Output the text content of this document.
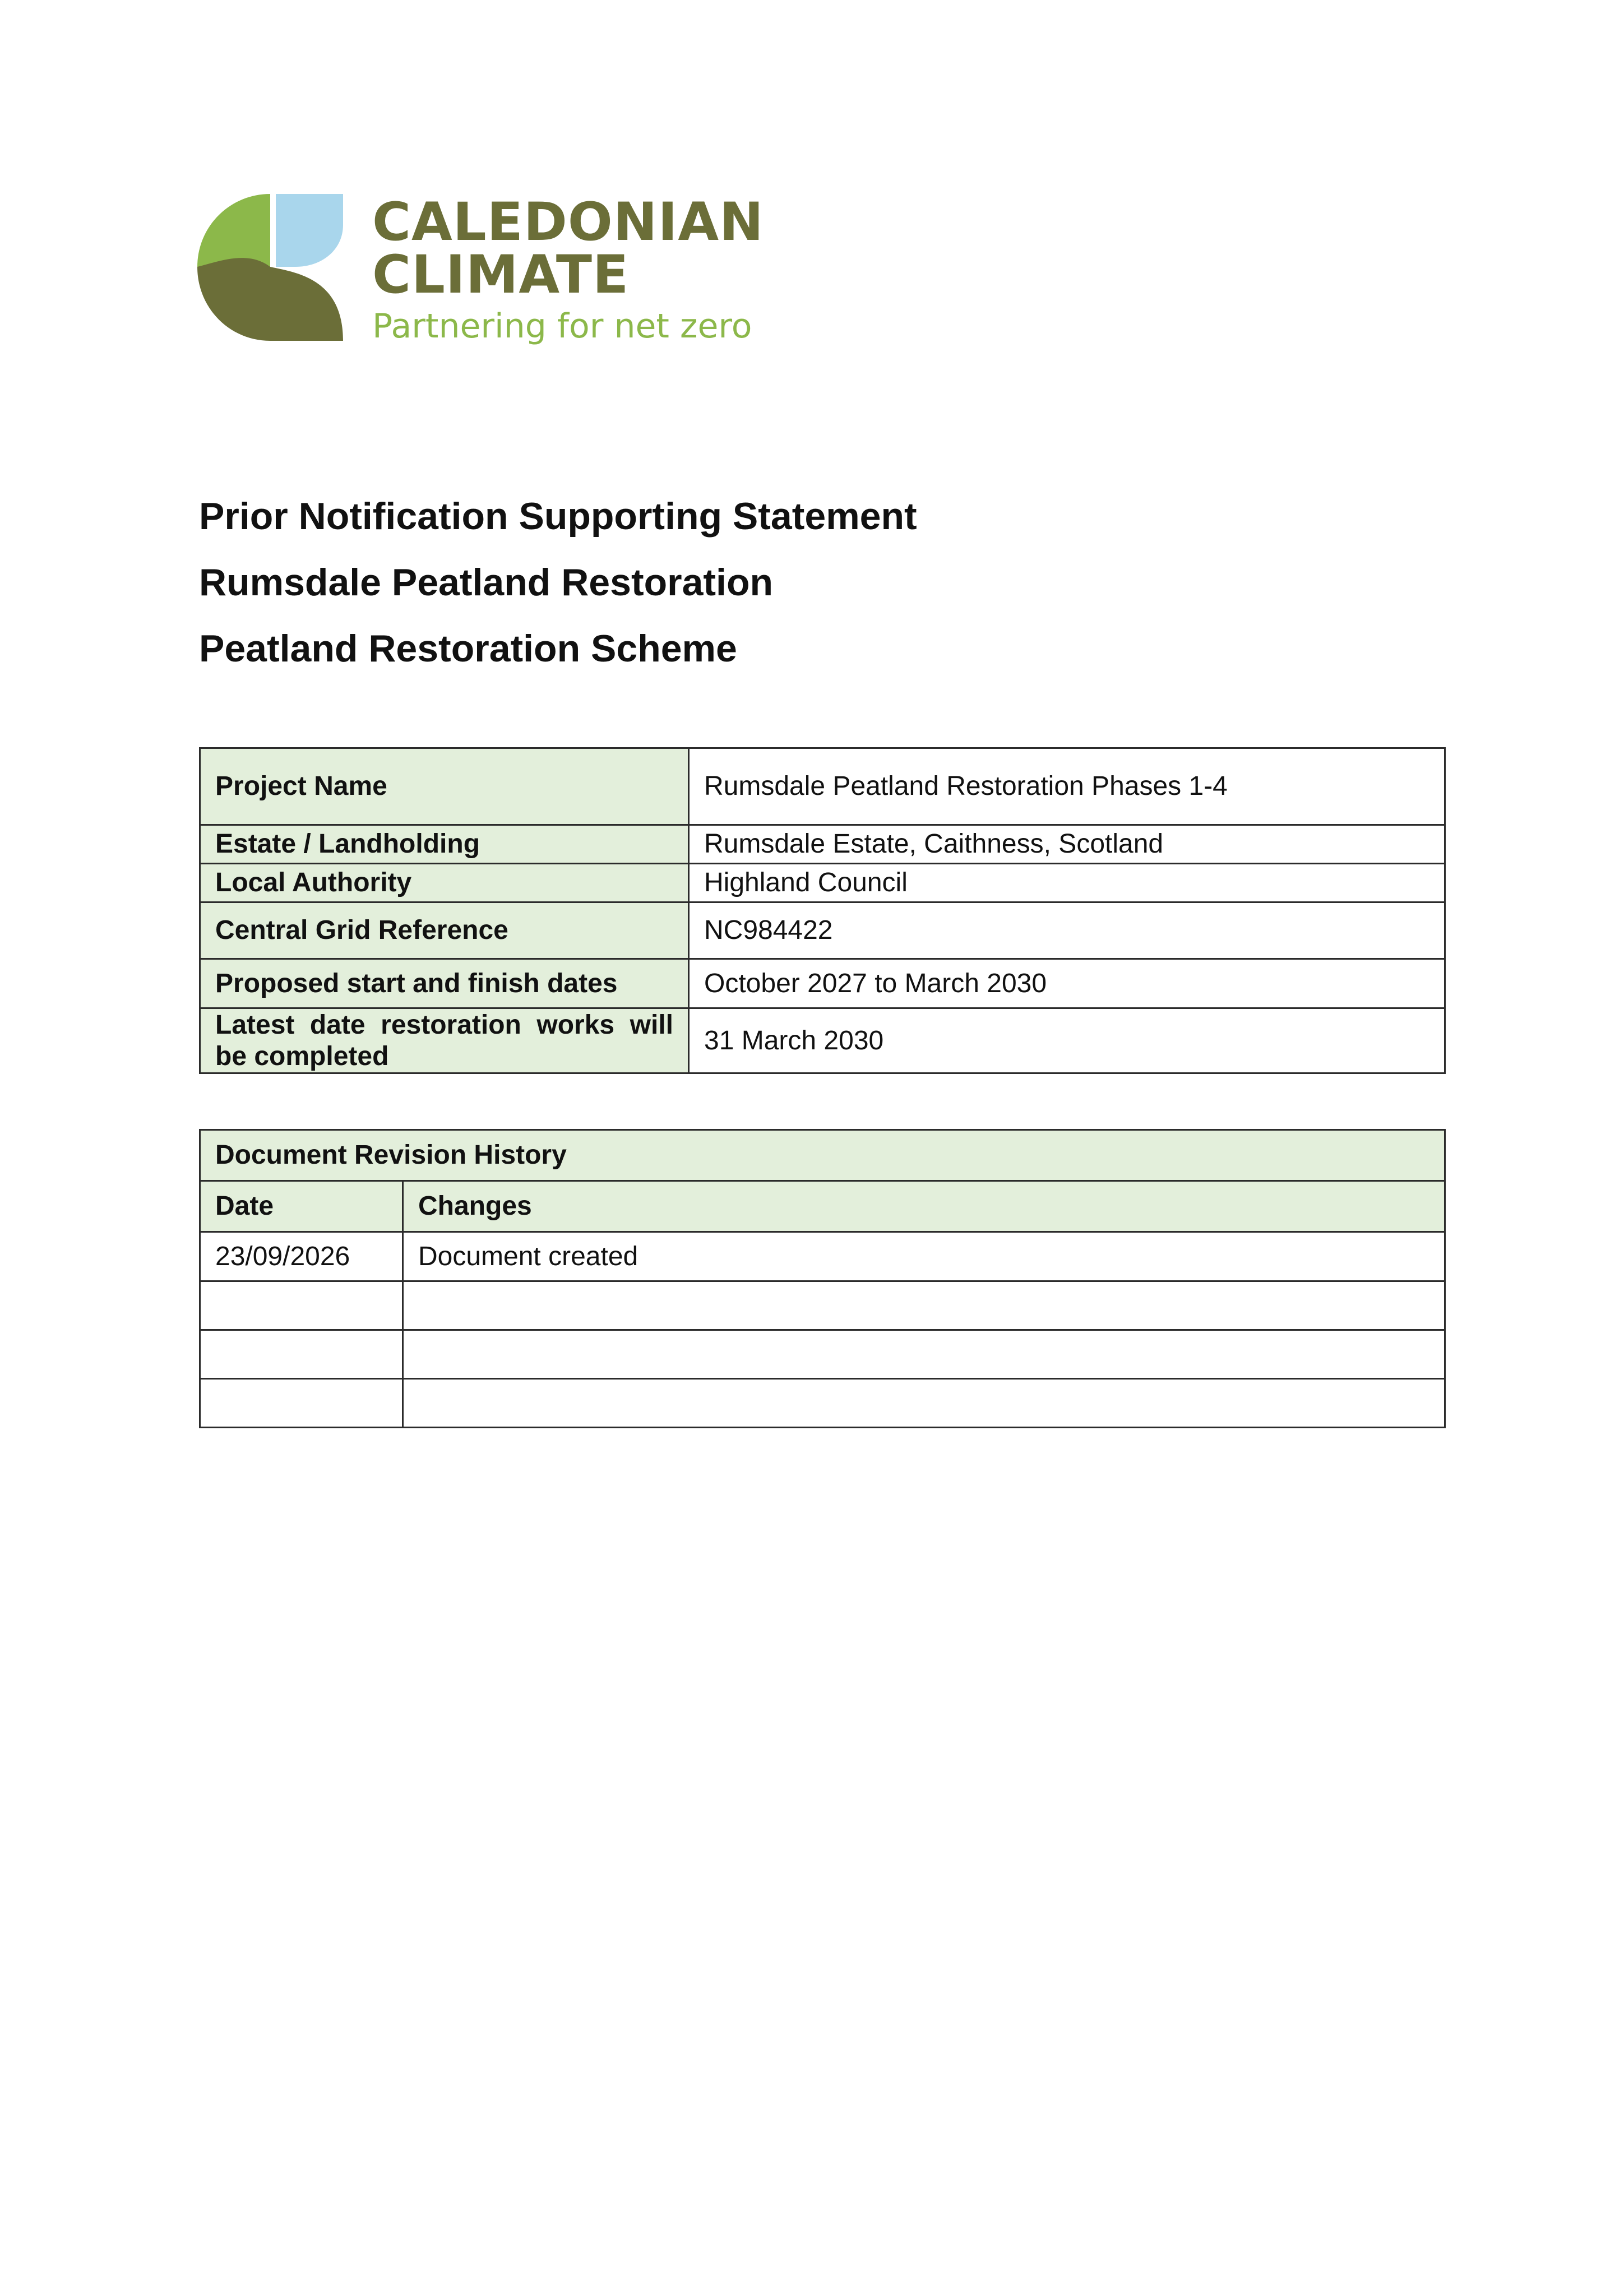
CALEDONIAN
CLIMATE
Partnering for net zero
Prior Notification Supporting Statement
Rumsdale Peatland Restoration
Peatland Restoration Scheme
Project Name	Rumsdale Peatland Restoration Phases 1-4
Estate / Landholding	Rumsdale Estate, Caithness, Scotland
Local Authority	Highland Council
Central Grid Reference	NC984422
Proposed start and finish dates	October 2027 to March 2030
Latest date restoration works will be completed	31 March 2030
Document Revision History	
Date	Changes
23/09/2026	Document created
